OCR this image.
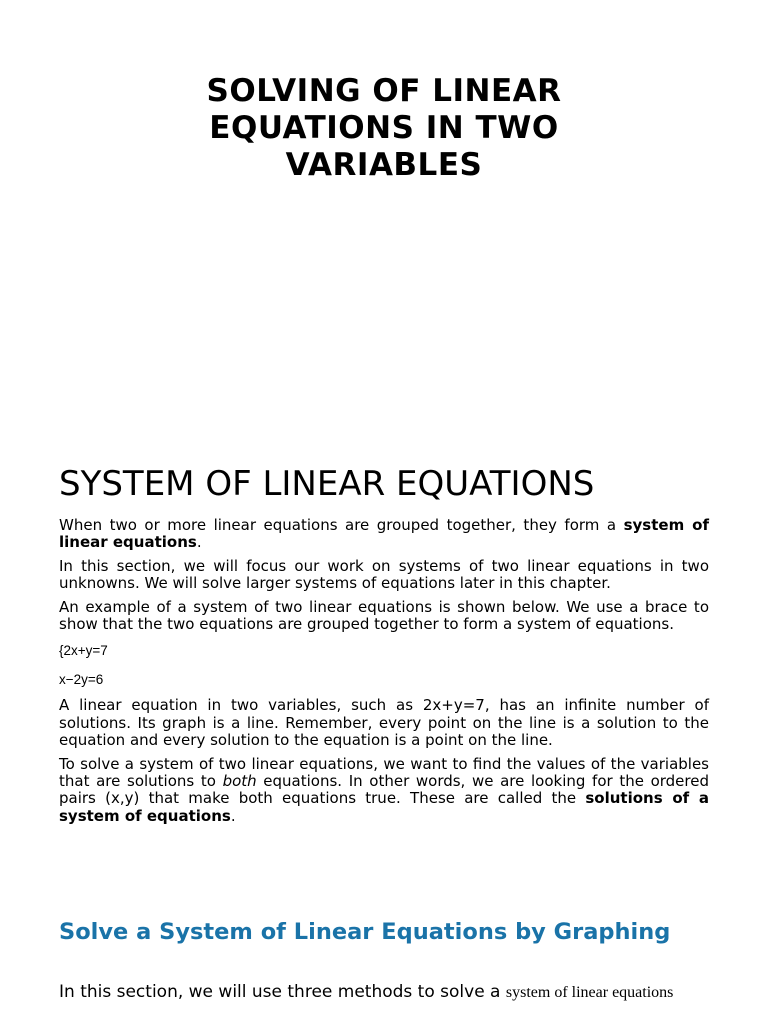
SOLVING OF LINEAR EQUATIONS IN TWO VARIABLES
SYSTEM OF LINEAR EQUATIONS

When two or more linear equations are grouped together, they form a system of linear equations.

In this section, we will focus our work on systems of two linear equations in two unknowns. We will solve larger systems of equations later in this chapter.

An example of a system of two linear equations is shown below. We use a brace to show that the two equations are grouped together to form a system of equations.

{2x+y=7

x−2y=6

A linear equation in two variables, such as 2x+y=7, has an infinite number of solutions. Its graph is a line. Remember, every point on the line is a solution to the equation and every solution to the equation is a point on the line.

To solve a system of two linear equations, we want to find the values of the variables that are solutions to both equations. In other words, we are looking for the ordered pairs (x,y) that make both equations true. These are called the solutions of a system of equations.

Solve a System of Linear Equations by Graphing

In this section, we will use three methods to solve a system of linear equations
